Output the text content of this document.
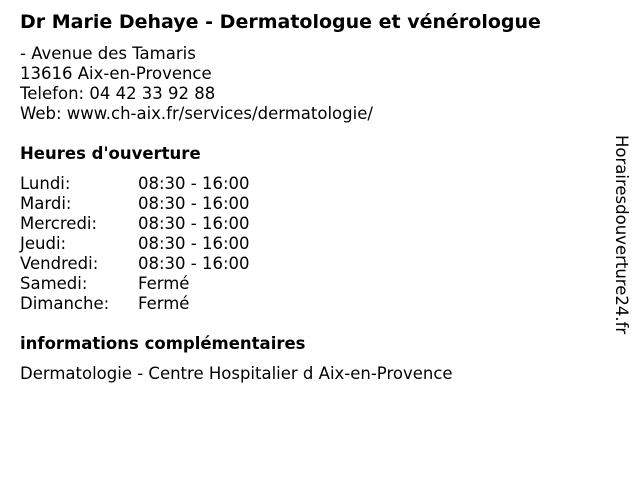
Dr Marie Dehaye - Dermatologue et vénérologue
- Avenue des Tamaris
13616 Aix-en-Provence
Telefon: 04 42 33 92 88
Web: www.ch-aix.fr/services/dermatologie/
Heures d'ouverture
Lundi:	08:30 - 16:00
Mardi:	08:30 - 16:00
Mercredi:	08:30 - 16:00
Jeudi:	08:30 - 16:00
Vendredi:	08:30 - 16:00
Samedi:	Fermé
Dimanche:	Fermé
informations complémentaires
Dermatologie - Centre Hospitalier d Aix-en-Provence
Horairesdouverture24.fr
